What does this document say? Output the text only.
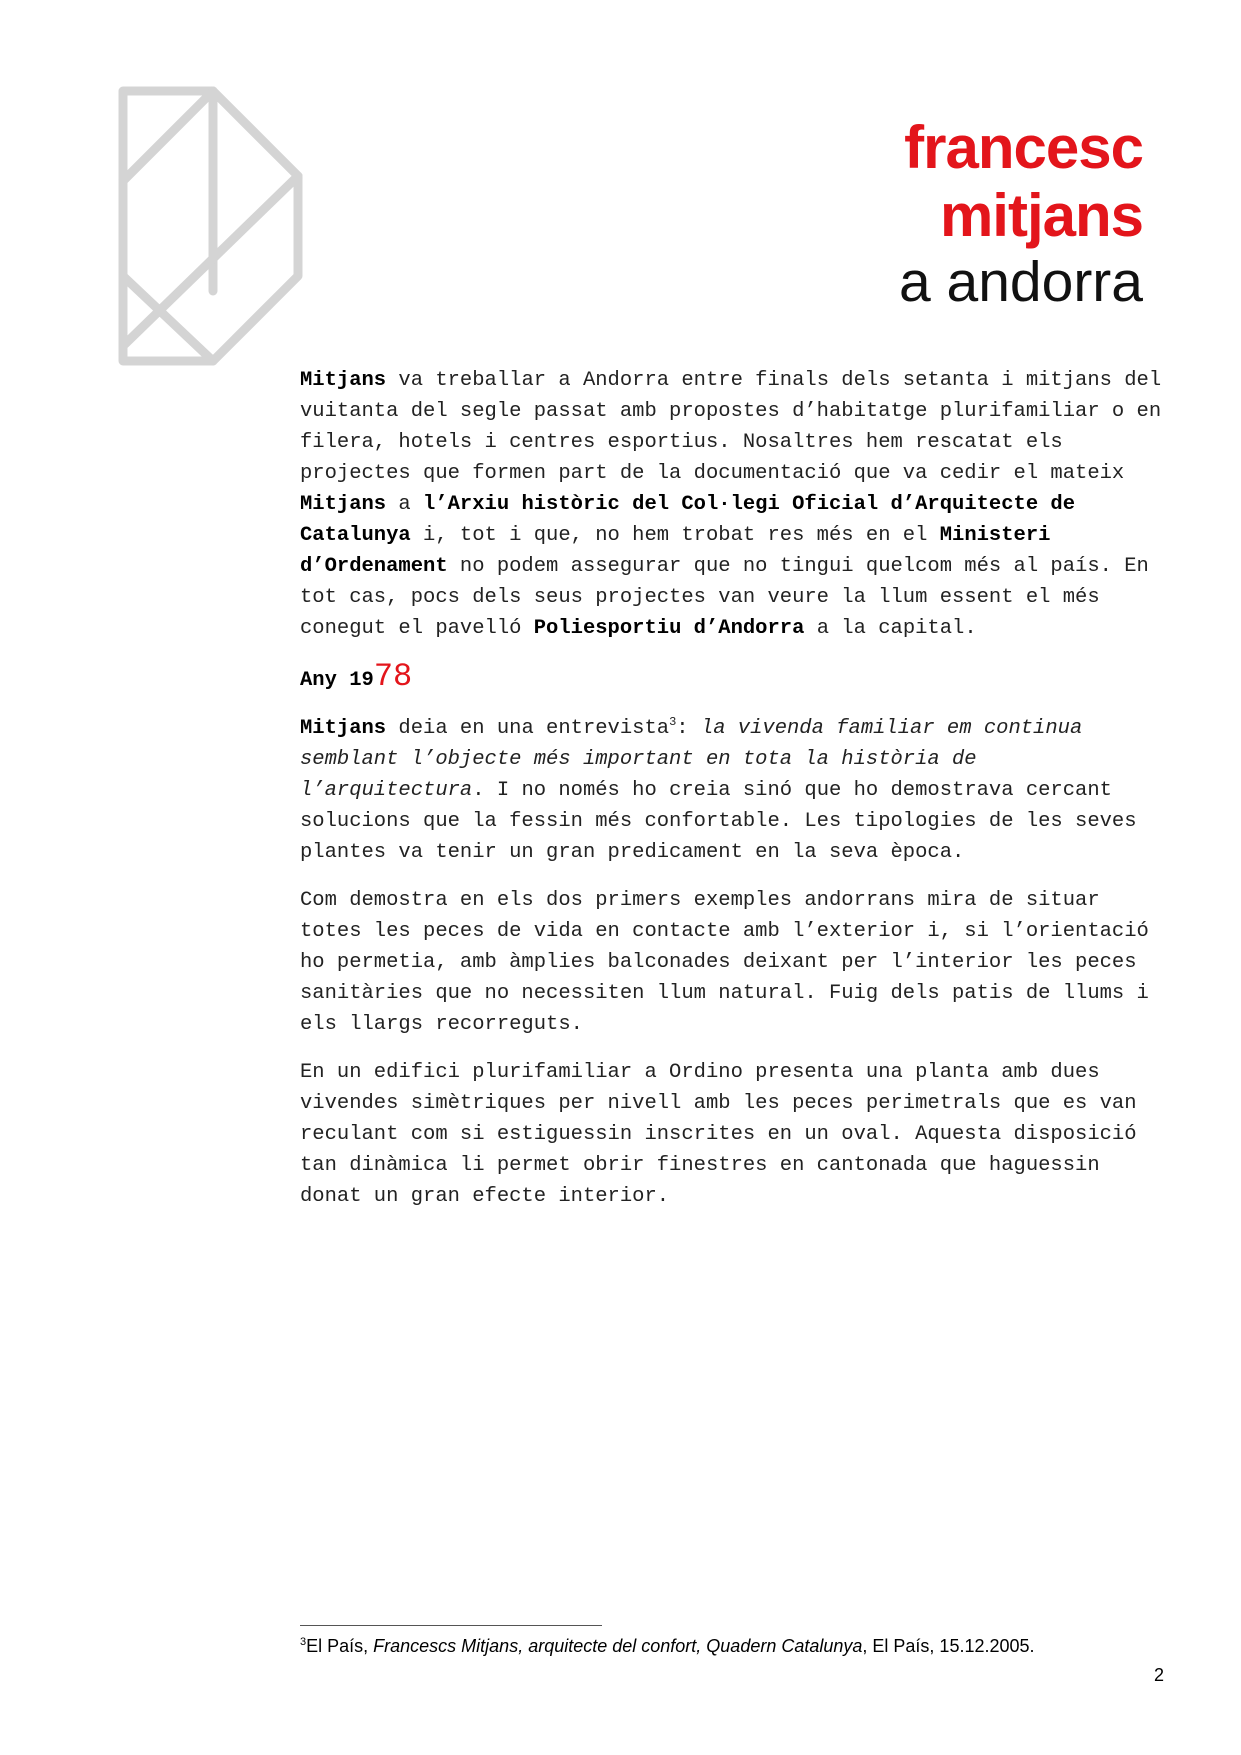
francesc
mitjans
a andorra

Mitjans va treballar a Andorra entre finals dels setanta i mitjans del vuitanta del segle passat amb propostes d’habitatge plurifamiliar o en filera, hotels i centres esportius. Nosaltres hem rescatat els projectes que formen part de la documentació que va cedir el mateix Mitjans a l’Arxiu històric del Col·legi Oficial d’Arquitecte de Catalunya i, tot i que, no hem trobat res més en el Ministeri d’Ordenament no podem assegurar que no tingui quelcom més al país. En tot cas, pocs dels seus projectes van veure la llum essent el més conegut el pavelló Poliesportiu d’Andorra a la capital.

Any 1978

Mitjans deia en una entrevista$^3$: la vivenda familiar em continua semblant l’objecte més important en tota la història de l’arquitectura. I no només ho creia sinó que ho demostrava cercant solucions que la fessin més confortable. Les tipologies de les seves plantes va tenir un gran predicament en la seva època.

Com demostra en els dos primers exemples andorrans mira de situar totes les peces de vida en contacte amb l’exterior i, si l’orientació ho permetia, amb àmplies balconades deixant per l’interior les peces sanitàries que no necessiten llum natural. Fuig dels patis de llums i els llargs recorreguts.

En un edifici plurifamiliar a Ordino presenta una planta amb dues vivendes simètriques per nivell amb les peces perimetrals que es van reculant com si estiguessin inscrites en un oval. Aquesta disposició tan dinàmica li permet obrir finestres en cantonada que haguessin donat un gran efecte interior.

$^3$El País, Francescs Mitjans, arquitecte del confort, Quadern Catalunya, El País, 15.12.2005.
2
